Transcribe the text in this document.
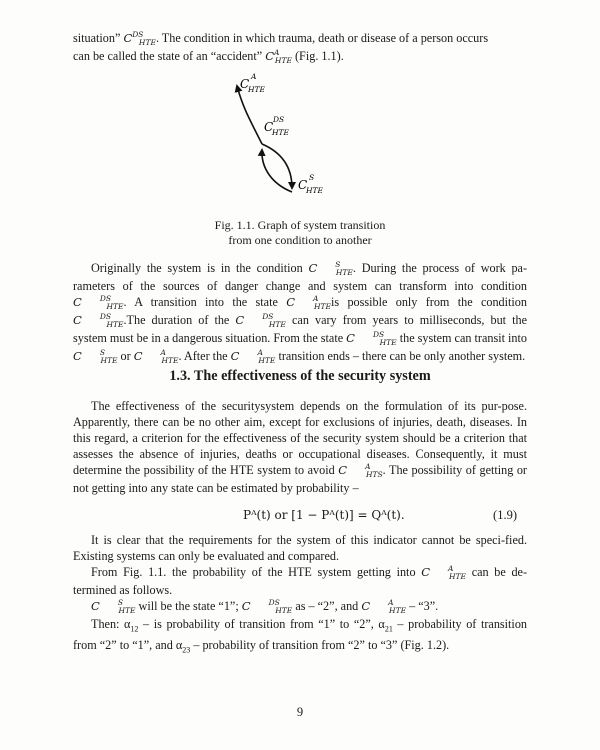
situation” $C^{DS}_{HTE}$. The condition in which trauma, death or disease of a person occurs

can be called the state of an “accident” $C^A_{HTE}$ (Fig. 1.1).

C
A
HTE
C
DS
HTE
C
S
HTE
Fig. 1.1. Graph of system transition
from one condition to another

Originally the system is in the condition C $^S_{HTE}$. During the process of work pa-rameters of the sources of danger change and system can transform into condition C $^{DS}_{HTE}$. A transition into the state C $^A_{HTE}$is possible only from the condition C $^{DS}_{HTE}$.The duration of the C $^{DS}_{HTE}$ can vary from years to milliseconds, but the system must be in a dangerous situation. From the state C $^{DS}_{HTE}$ the system can transit into C $^S_{HTE}$ or C $^A_{HTE}$. After the C $^A_{HTE}$ transition ends – there can be only another system.

1.3. The effectiveness of the security system

The effectiveness of the securitysystem depends on the formulation of its pur-pose. Apparently, there can be no other aim, except for exclusions of injuries, death, diseases. In this regard, a criterion for the effectiveness of the security system should be a criterion that assesses the absence of injuries, deaths or occupational diseases. Consequently, it must determine the possibility of the HTE system to avoid C $^A_{HTS}$. The possibility of getting or not getting into any state can be estimated by probability –

Pᴬ(t) or [1 − Pᴬ(t)] = Qᴬ(t).	(1.9)

It is clear that the requirements for the system of this indicator cannot be speci-fied. Existing systems can only be evaluated and compared.

From Fig. 1.1. the probability of the HTE system getting into C $^A_{HTE}$ can be de-termined as follows.

C $^S_{HTE}$ will be the state “1”; C $^{DS}_{HTE}$ as – “2”, and C $^A_{HTE}$ – “3”.

Then: $\alpha_{12}$ – is probability of transition from “1” to “2”, $\alpha_{21}$ – probability of transition from “2” to “1”, and $\alpha_{23}$ – probability of transition from “2” to “3” (Fig. 1.2).

9
